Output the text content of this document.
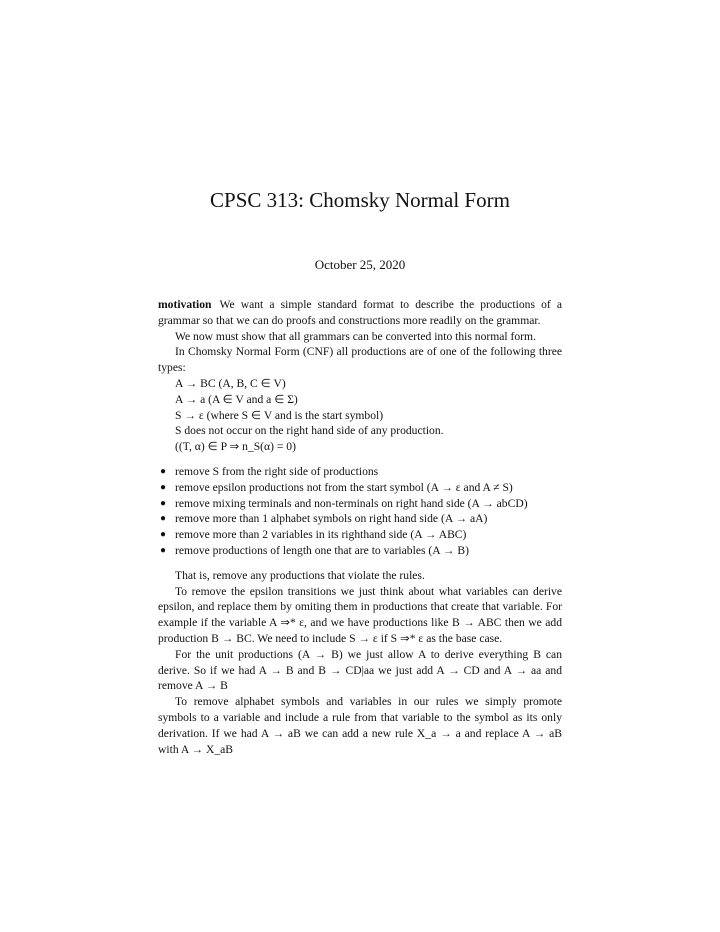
CPSC 313: Chomsky Normal Form
October 25, 2020

motivation We want a simple standard format to describe the productions of a grammar so that we can do proofs and constructions more readily on the grammar.

We now must show that all grammars can be converted into this normal form.

In Chomsky Normal Form (CNF) all productions are of one of the following three types:

A → BC (A, B, C ∈ V)

A → a (A ∈ V and a ∈ Σ)

S → ε (where S ∈ V and is the start symbol)

S does not occur on the right hand side of any production.

((T, α) ∈ P ⇒ n_S(α) = 0)

● remove S from the right side of productions
● remove epsilon productions not from the start symbol (A → ε and A ≠ S)
● remove mixing terminals and non-terminals on right hand side (A → abCD)
● remove more than 1 alphabet symbols on right hand side (A → aA)
● remove more than 2 variables in its righthand side (A → ABC)
● remove productions of length one that are to variables (A → B)

That is, remove any productions that violate the rules.

To remove the epsilon transitions we just think about what variables can derive epsilon, and replace them by omiting them in productions that create that variable. For example if the variable A ⇒* ε, and we have productions like B → ABC then we add production B → BC. We need to include S → ε if S ⇒* ε as the base case.

For the unit productions (A → B) we just allow A to derive everything B can derive. So if we had A → B and B → CD|aa we just add A → CD and A → aa and remove A → B

To remove alphabet symbols and variables in our rules we simply promote symbols to a variable and include a rule from that variable to the symbol as its only derivation. If we had A → aB we can add a new rule X_a → a and replace A → aB with A → X_aB
